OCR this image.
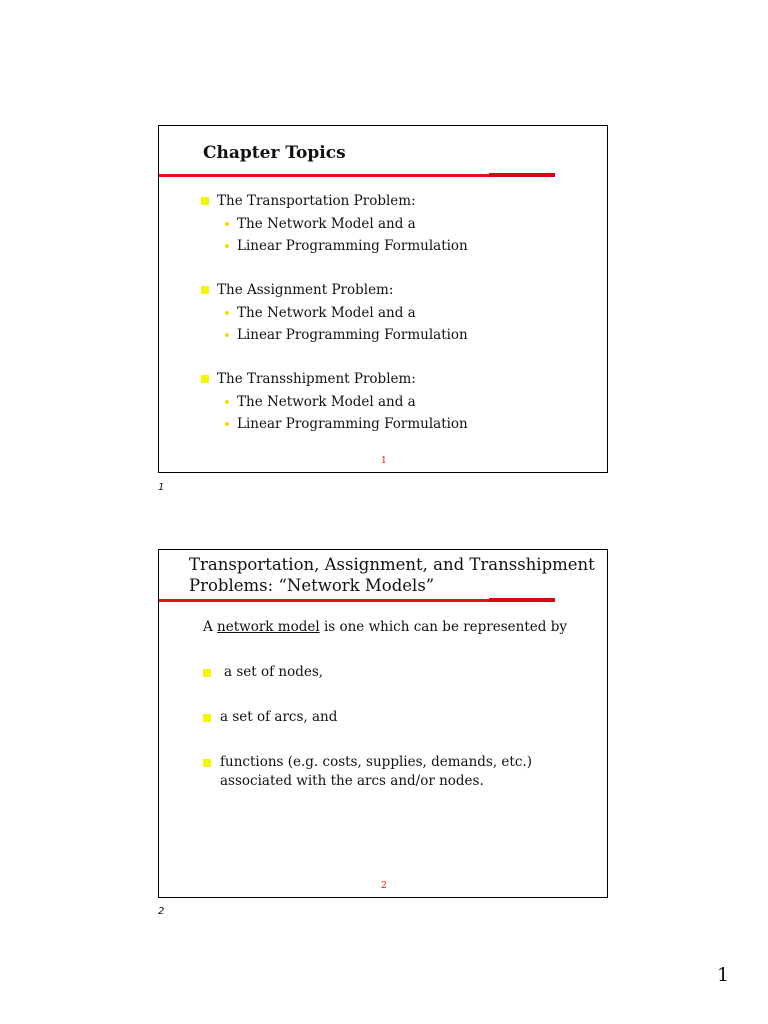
Chapter Topics
The Transportation Problem:
The Network Model and a
Linear Programming Formulation
The Assignment Problem:
The Network Model and a
Linear Programming Formulation
The Transshipment Problem:
The Network Model and a
Linear Programming Formulation
1
1
Transportation, Assignment, and Transshipment
Problems: “Network Models”
A network model is one which can be represented by
a set of nodes,
a set of arcs, and
functions (e.g. costs, supplies, demands, etc.)
associated with the arcs and/or nodes.
2
2
1
